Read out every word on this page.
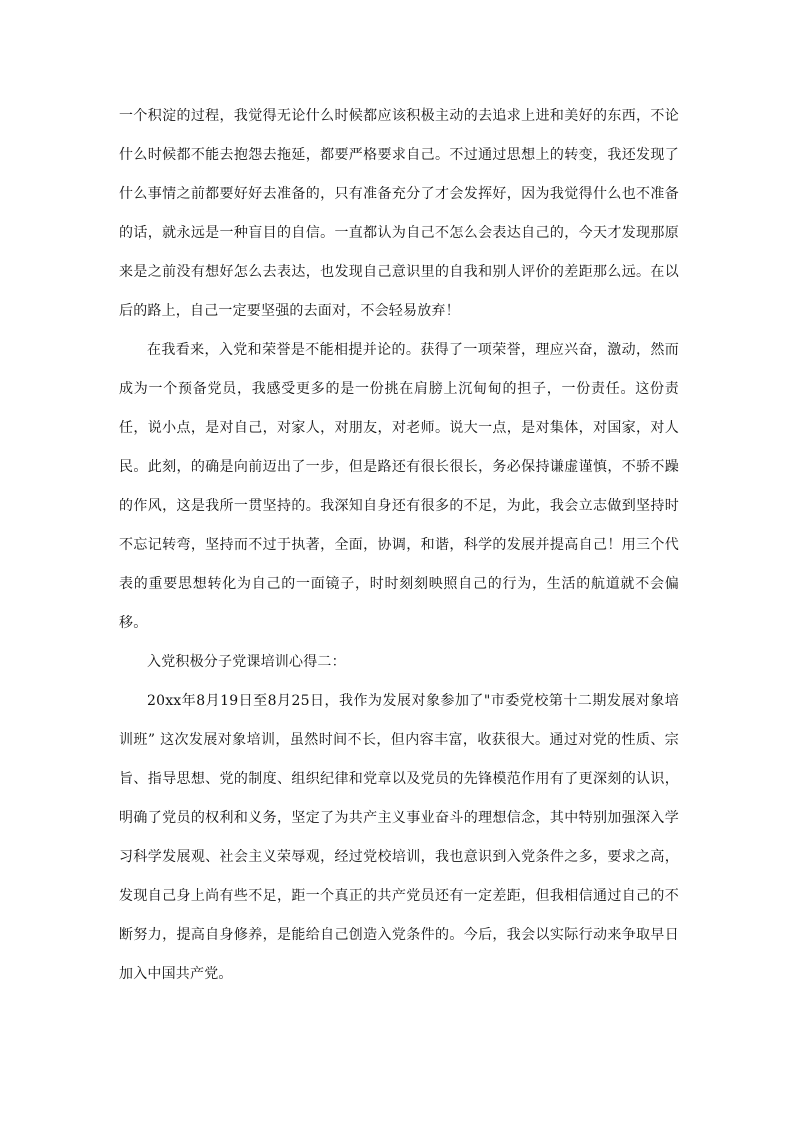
一个积淀的过程，我觉得无论什么时候都应该积极主动的去追求上进和美好的东西，不论什么时候都不能去抱怨去拖延，都要严格要求自己。不过通过思想上的转变，我还发现了什么事情之前都要好好去准备的，只有准备充分了才会发挥好，因为我觉得什么也不准备的话，就永远是一种盲目的自信。一直都认为自己不怎么会表达自己的，今天才发现那原来是之前没有想好怎么去表达，也发现自己意识里的自我和别人评价的差距那么远。在以后的路上，自己一定要坚强的去面对，不会轻易放弃！

在我看来，入党和荣誉是不能相提并论的。获得了一项荣誉，理应兴奋，激动，然而成为一个预备党员，我感受更多的是一份挑在肩膀上沉甸甸的担子，一份责任。这份责任，说小点，是对自己，对家人，对朋友，对老师。说大一点，是对集体，对国家，对人民。此刻，的确是向前迈出了一步，但是路还有很长很长，务必保持谦虚谨慎，不骄不躁的作风，这是我所一贯坚持的。我深知自身还有很多的不足，为此，我会立志做到坚持时不忘记转弯，坚持而不过于执著，全面，协调，和谐，科学的发展并提高自己！用三个代表的重要思想转化为自己的一面镜子，时时刻刻映照自己的行为，生活的航道就不会偏移。

入党积极分子党课培训心得二：

20xx年8月19日至8月25日，我作为发展对象参加了"市委党校第十二期发展对象培训班” 这次发展对象培训，虽然时间不长，但内容丰富，收获很大。通过对党的性质、宗旨、指导思想、党的制度、组织纪律和党章以及党员的先锋模范作用有了更深刻的认识，明确了党员的权利和义务，坚定了为共产主义事业奋斗的理想信念，其中特别加强深入学习科学发展观、社会主义荣辱观，经过党校培训，我也意识到入党条件之多，要求之高，发现自己身上尚有些不足，距一个真正的共产党员还有一定差距，但我相信通过自己的不断努力，提高自身修养，是能给自己创造入党条件的。今后，我会以实际行动来争取早日加入中国共产党。
